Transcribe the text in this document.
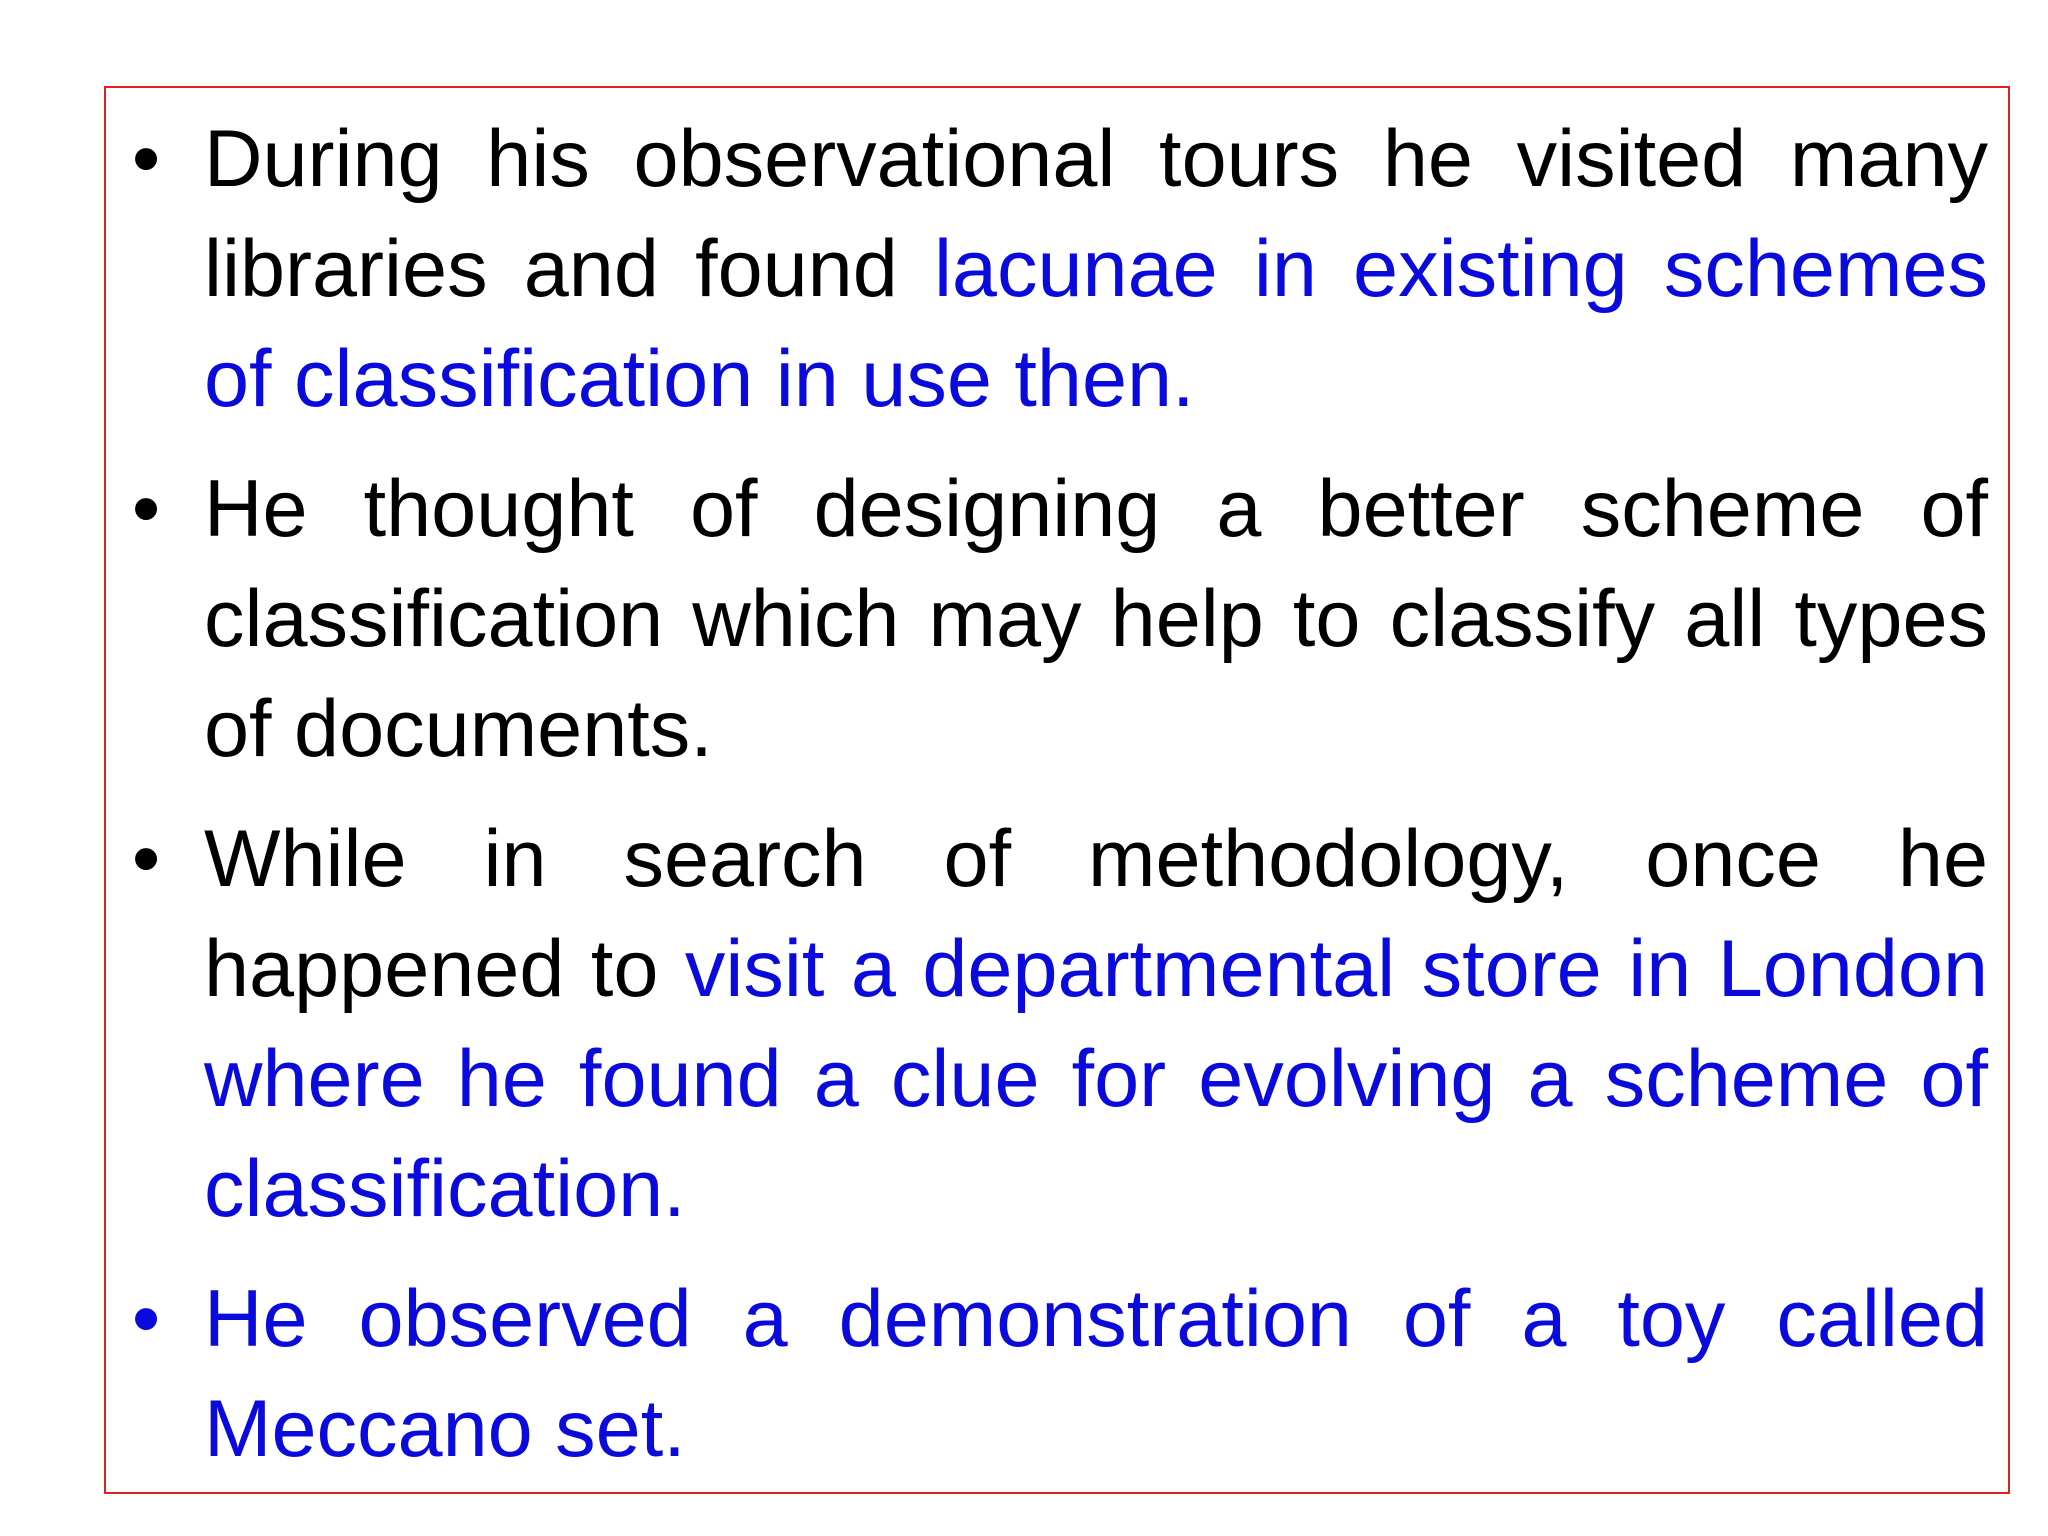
• During his observational tours he visited many libraries and found lacunae in existing schemes of classification in use then.
• He thought of designing a better scheme of classification which may help to classify all types of documents.
• While in search of methodology, once he happened to visit a departmental store in London where he found a clue for evolving a scheme of classification.
• He observed a demonstration of a toy called Meccano set.
